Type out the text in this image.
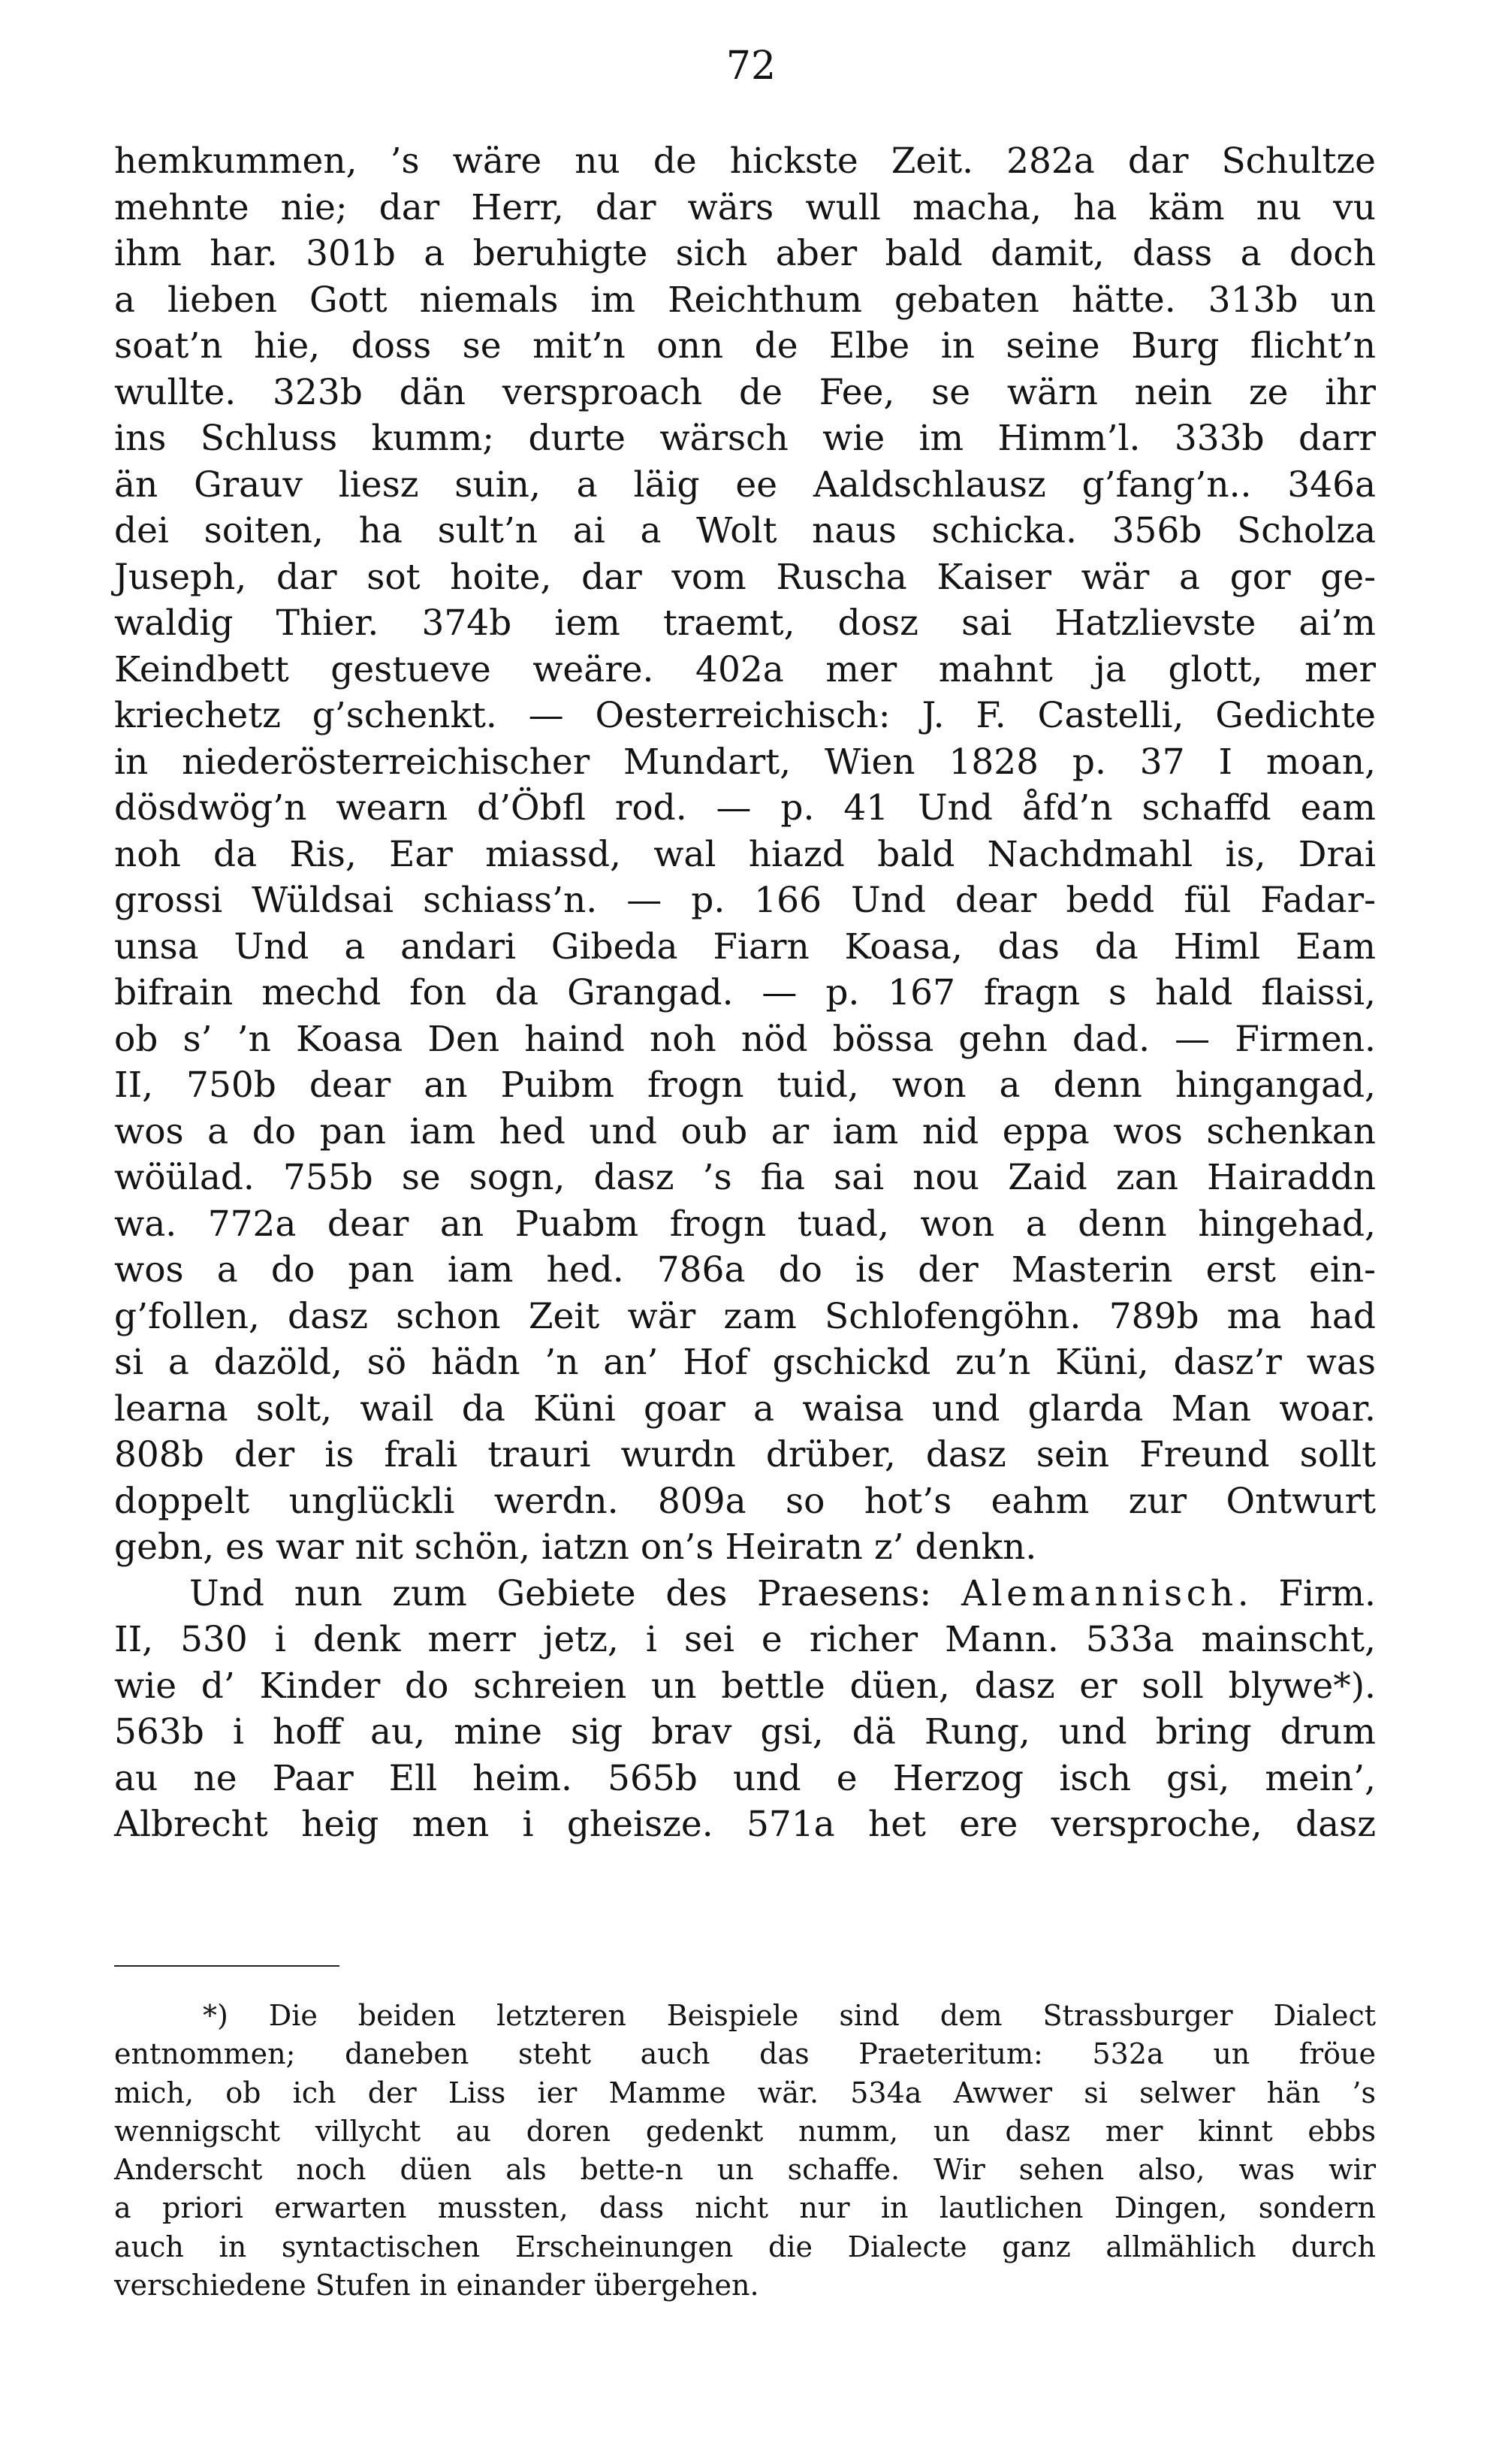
72
hemkummen, ’s wäre nu de hickste Zeit. 282a dar Schultze
mehnte nie; dar Herr, dar wärs wull macha, ha käm nu vu
ihm har. 301b a beruhigte sich aber bald damit, dass a doch
a lieben Gott niemals im Reichthum gebaten hätte. 313b un
soat’n hie, doss se mit’n onn de Elbe in seine Burg flicht’n
wullte. 323b dän versproach de Fee, se wärn nein ze ihr
ins Schluss kumm; durte wärsch wie im Himm’l. 333b darr
än Grauv liesz suin, a läig ee Aaldschlausz g’fang’n.. 346a
dei soiten, ha sult’n ai a Wolt naus schicka. 356b Scholza
Juseph, dar sot hoite, dar vom Ruscha Kaiser wär a gor ge-
waldig Thier. 374b iem traemt, dosz sai Hatzlievste ai’m
Keindbett gestueve weäre. 402a mer mahnt ja glott, mer
kriechetz g’schenkt. — Oesterreichisch: J. F. Castelli, Gedichte
in niederösterreichischer Mundart, Wien 1828 p. 37 I moan,
dösdwög’n wearn d’Öbfl rod. — p. 41 Und åfd’n schaffd eam
noh da Ris, Ear miassd, wal hiazd bald Nachdmahl is, Drai
grossi Wüldsai schiass’n. — p. 166 Und dear bedd fül Fadar-
unsa Und a andari Gibeda Fiarn Koasa, das da Himl Eam
bifrain mechd fon da Grangad. — p. 167 fragn s hald flaissi,
ob s’ ’n Koasa Den haind noh nöd bössa gehn dad. — Firmen.
II, 750b dear an Puibm frogn tuid, won a denn hingangad,
wos a do pan iam hed und oub ar iam nid eppa wos schenkan
wöülad. 755b se sogn, dasz ’s fia sai nou Zaid zan Hairaddn
wa. 772a dear an Puabm frogn tuad, won a denn hingehad,
wos a do pan iam hed. 786a do is der Masterin erst ein-
g’follen, dasz schon Zeit wär zam Schlofengöhn. 789b ma had
si a dazöld, sö hädn ’n an’ Hof gschickd zu’n Küni, dasz’r was
learna solt, wail da Küni goar a waisa und glarda Man woar.
808b der is frali trauri wurdn drüber, dasz sein Freund sollt
doppelt unglückli werdn. 809a so hot’s eahm zur Ontwurt
gebn, es war nit schön, iatzn on’s Heiratn z’ denkn.
Und nun zum Gebiete des Praesens: Alemannisch. Firm.
II, 530 i denk merr jetz, i sei e richer Mann. 533a mainscht,
wie d’ Kinder do schreien un bettle düen, dasz er soll blywe*).
563b i hoff au, mine sig brav gsi, dä Rung, und bring drum
au ne Paar Ell heim. 565b und e Herzog isch gsi, mein’,
Albrecht heig men i gheisze. 571a het ere versproche, dasz
*) Die beiden letzteren Beispiele sind dem Strassburger Dialect
entnommen; daneben steht auch das Praeteritum: 532a un fröue
mich, ob ich der Liss ier Mamme wär. 534a Awwer si selwer hän ’s
wennigscht villycht au doren gedenkt numm, un dasz mer kinnt ebbs
Anderscht noch düen als bette-n un schaffe. Wir sehen also, was wir
a priori erwarten mussten, dass nicht nur in lautlichen Dingen, sondern
auch in syntactischen Erscheinungen die Dialecte ganz allmählich durch
verschiedene Stufen in einander übergehen.
